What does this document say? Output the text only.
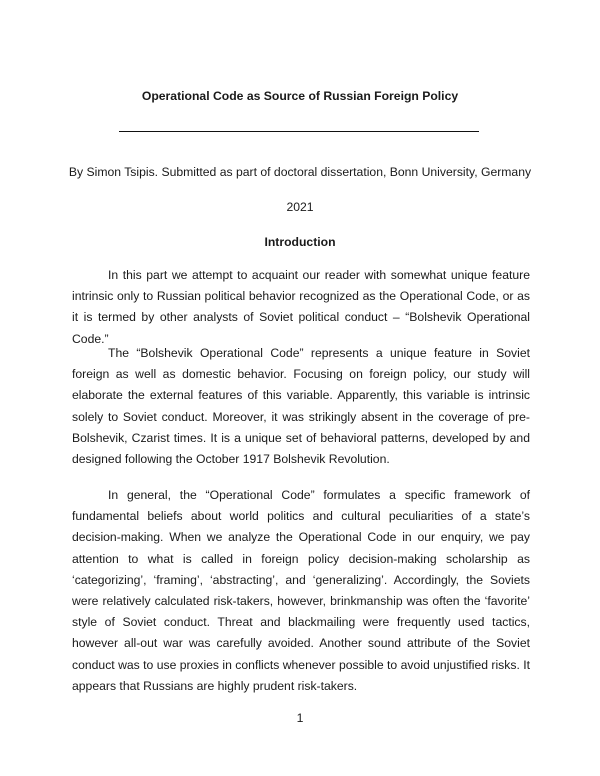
Operational Code as Source of Russian Foreign Policy
By Simon Tsipis. Submitted as part of doctoral dissertation, Bonn University, Germany
2021
Introduction

In this part we attempt to acquaint our reader with somewhat unique feature intrinsic only to Russian political behavior recognized as the Operational Code, or as it is termed by other analysts of Soviet political conduct – “Bolshevik Operational Code.”

The “Bolshevik Operational Code” represents a unique feature in Soviet foreign as well as domestic behavior. Focusing on foreign policy, our study will elaborate the external features of this variable. Apparently, this variable is intrinsic solely to Soviet conduct. Moreover, it was strikingly absent in the coverage of pre-Bolshevik, Czarist times. It is a unique set of behavioral patterns, developed by and designed following the October 1917 Bolshevik Revolution.

In general, the “Operational Code” formulates a specific framework of fundamental beliefs about world politics and cultural peculiarities of a state’s decision-making. When we analyze the Operational Code in our enquiry, we pay attention to what is called in foreign policy decision-making scholarship as ‘categorizing’, ‘framing’, ‘abstracting’, and ‘generalizing’. Accordingly, the Soviets were relatively calculated risk-takers, however, brinkmanship was often the ‘favorite’ style of Soviet conduct. Threat and blackmailing were frequently used tactics, however all-out war was carefully avoided. Another sound attribute of the Soviet conduct was to use proxies in conflicts whenever possible to avoid unjustified risks. It appears that Russians are highly prudent risk-takers.

1
